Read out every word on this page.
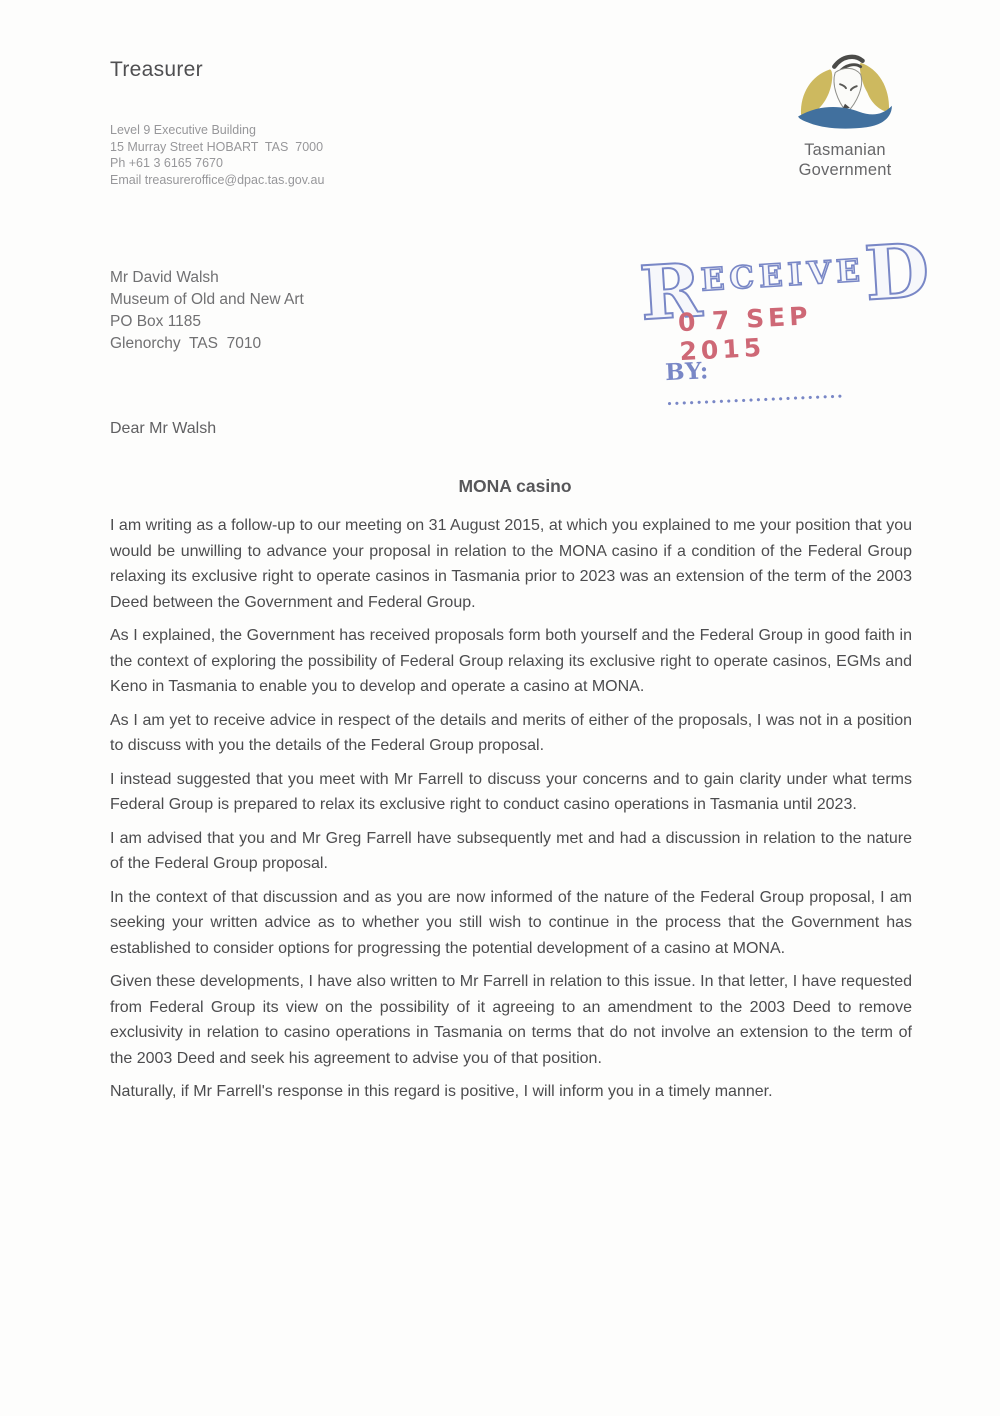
Treasurer
Level 9 Executive Building
15 Murray Street HOBART  TAS  7000
Ph +61 3 6165 7670
Email treasureroffice@dpac.tas.gov.au
Tasmanian
Government
Mr David Walsh
Museum of Old and New Art
PO Box 1185
Glenorchy  TAS  7010
R
ECEIVE
D
0 7 SEP 2015
BY: ........................
Dear Mr Walsh
MONA casino

I am writing as a follow-up to our meeting on 31 August 2015, at which you explained to me your position that you would be unwilling to advance your proposal in relation to the MONA casino if a condition of the Federal Group relaxing its exclusive right to operate casinos in Tasmania prior to 2023 was an extension of the term of the 2003 Deed between the Government and Federal Group.

As I explained, the Government has received proposals form both yourself and the Federal Group in good faith in the context of exploring the possibility of Federal Group relaxing its exclusive right to operate casinos, EGMs and Keno in Tasmania to enable you to develop and operate a casino at MONA.

As I am yet to receive advice in respect of the details and merits of either of the proposals, I was not in a position to discuss with you the details of the Federal Group proposal.

I instead suggested that you meet with Mr Farrell to discuss your concerns and to gain clarity under what terms Federal Group is prepared to relax its exclusive right to conduct casino operations in Tasmania until 2023.

I am advised that you and Mr Greg Farrell have subsequently met and had a discussion in relation to the nature of the Federal Group proposal.

In the context of that discussion and as you are now informed of the nature of the Federal Group proposal, I am seeking your written advice as to whether you still wish to continue in the process that the Government has established to consider options for progressing the potential development of a casino at MONA.

Given these developments, I have also written to Mr Farrell in relation to this issue. In that letter, I have requested from Federal Group its view on the possibility of it agreeing to an amendment to the 2003 Deed to remove exclusivity in relation to casino operations in Tasmania on terms that do not involve an extension to the term of the 2003 Deed and seek his agreement to advise you of that position.

Naturally, if Mr Farrell's response in this regard is positive, I will inform you in a timely manner.
